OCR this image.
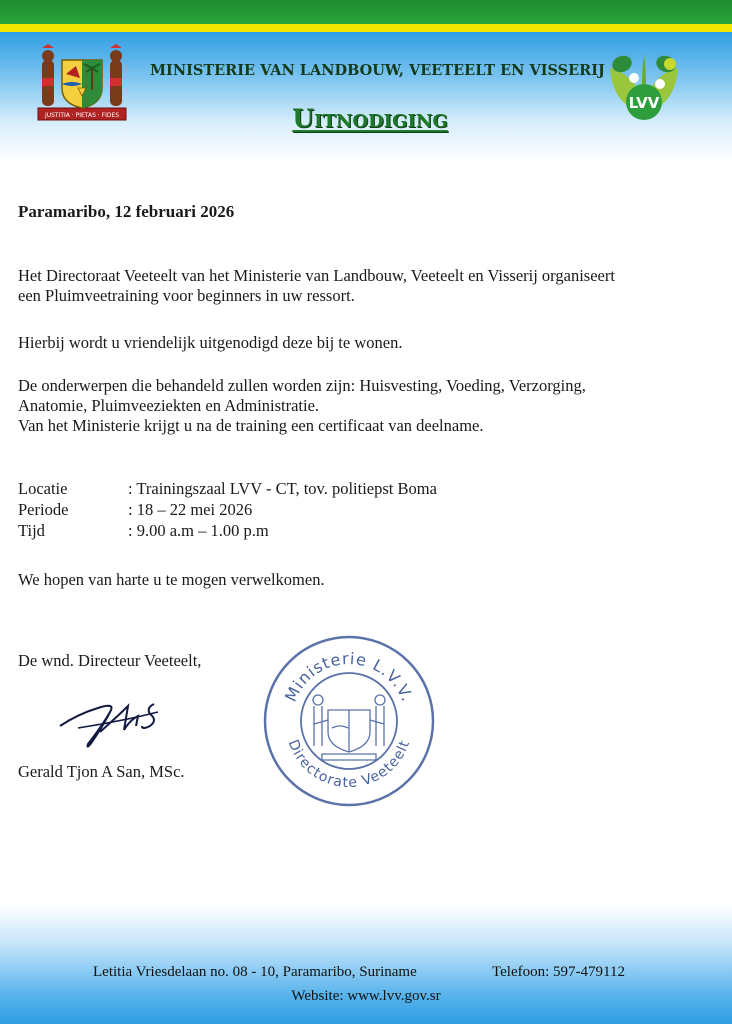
JUSTITIA · PIETAS · FIDES
LVV
MINISTERIE VAN LANDBOUW, VEETEELT EN VISSERIJ
Uitnodiging
Paramaribo, 12 februari 2026
Het Directoraat Veeteelt van het Ministerie van Landbouw, Veeteelt en Visserij organiseert
een Pluimveetraining voor beginners in uw ressort.
Hierbij wordt u vriendelijk uitgenodigd deze bij te wonen.
De onderwerpen die behandeld zullen worden zijn: Huisvesting, Voeding, Verzorging,
Anatomie, Pluimveeziekten en Administratie.
Van het Ministerie krijgt u na de training een certificaat van deelname.
Locatie	: Trainingszaal LVV - CT, tov. politiepst Boma
Periode	: 18 – 22 mei 2026
Tijd	: 9.00 a.m – 1.00 p.m
We hopen van harte u te mogen verwelkomen.
De wnd. Directeur Veeteelt,
Gerald Tjon A San, MSc.
Ministerie L.V.V.
Directorate Veeteelt
Letitia Vriesdelaan no. 08 - 10, Paramaribo, Suriname	Telefoon: 597-479112
Website: www.lvv.gov.sr
